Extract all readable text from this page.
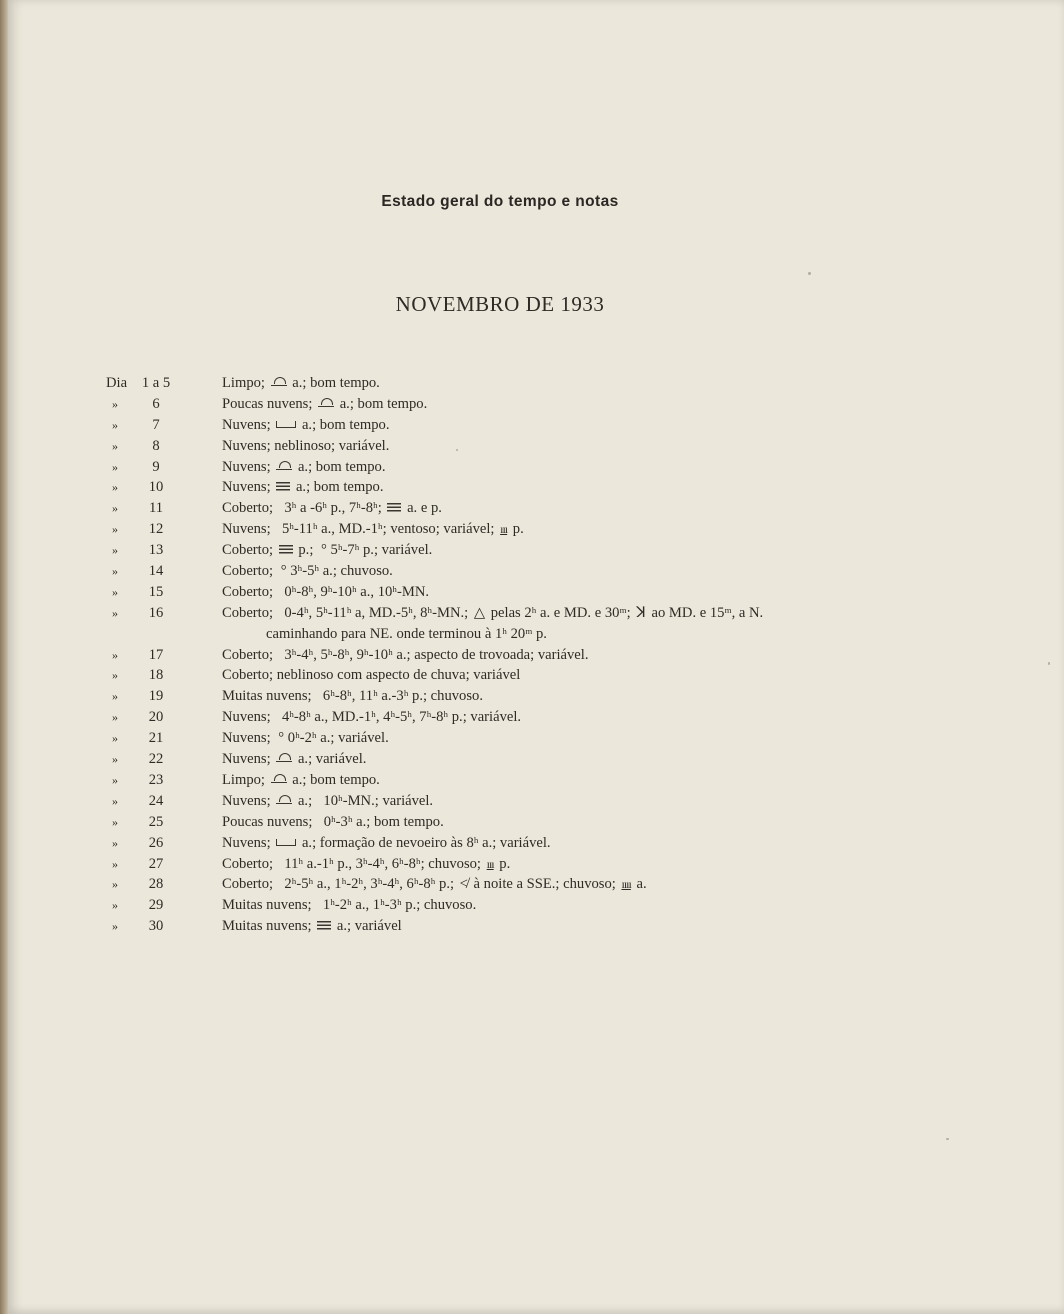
Estado geral do tempo e notas
NOVEMBRO DE 1933
Dia	1 a 5	Limpo;  a.; bom tempo.
»	6	Poucas nuvens;  a.; bom tempo.
»	7	Nuvens;  a.; bom tempo.
»	8	Nuvens; neblinoso; variável.
»	9	Nuvens;  a.; bom tempo.
»	10	Nuvens;  a.; bom tempo.
»	11	Coberto;  3ʰ a -6ʰ p., 7ʰ-8ʰ;  a. e p.
»	12	Nuvens;  5ʰ-11ʰ a., MD.-1ʰ; ventoso; variável; ııı p.
»	13	Coberto;  p.; ° 5ʰ-7ʰ p.; variável.
»	14	Coberto; ° 3ʰ-5ʰ a.; chuvoso.
»	15	Coberto;  0ʰ-8ʰ, 9ʰ-10ʰ a., 10ʰ-MN.
»	16	Coberto;  0-4ʰ, 5ʰ-11ʰ a, MD.-5ʰ, 8ʰ-MN.; △ pelas 2ʰ a. e MD. e 30ᵐ; ꓘ ao MD. e 15ᵐ, a N.
caminhando para NE. onde terminou à 1ʰ 20ᵐ p.
»	17	Coberto;  3ʰ-4ʰ, 5ʰ-8ʰ, 9ʰ-10ʰ a.; aspecto de trovoada; variável.
»	18	Coberto; neblinoso com aspecto de chuva; variável
»	19	Muitas nuvens;  6ʰ-8ʰ, 11ʰ a.-3ʰ p.; chuvoso.
»	20	Nuvens;  4ʰ-8ʰ a., MD.-1ʰ, 4ʰ-5ʰ, 7ʰ-8ʰ p.; variável.
»	21	Nuvens; ° 0ʰ-2ʰ a.; variável.
»	22	Nuvens;  a.; variável.
»	23	Limpo;  a.; bom tempo.
»	24	Nuvens;  a.;  10ʰ-MN.; variável.
»	25	Poucas nuvens;  0ʰ-3ʰ a.; bom tempo.
»	26	Nuvens;  a.; formação de nevoeiro às 8ʰ a.; variável.
»	27	Coberto;  11ʰ a.-1ʰ p., 3ʰ-4ʰ, 6ʰ-8ʰ; chuvoso; ııı p.
»	28	Coberto;  2ʰ-5ʰ a., 1ʰ-2ʰ, 3ʰ-4ʰ, 6ʰ-8ʰ p.; ≮ à noite a SSE.; chuvoso; ıııı a.
»	29	Muitas nuvens;  1ʰ-2ʰ a., 1ʰ-3ʰ p.; chuvoso.
»	30	Muitas nuvens;  a.; variável
